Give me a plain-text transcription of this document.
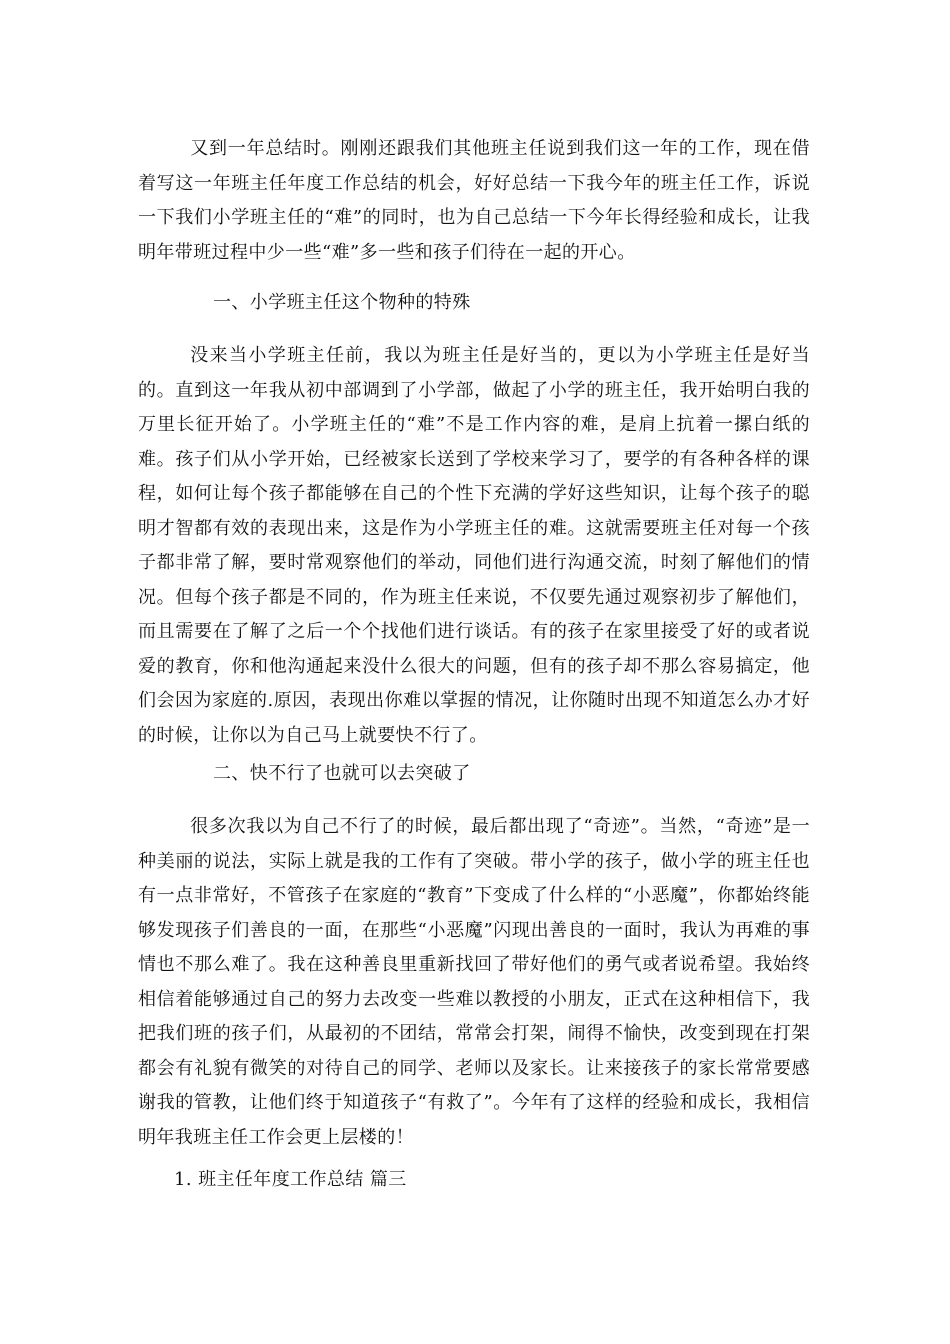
又到一年总结时。刚刚还跟我们其他班主任说到我们这一年的工作，现在借着写这一年班主任年度工作总结的机会，好好总结一下我今年的班主任工作，诉说一下我们小学班主任的“难”的同时，也为自己总结一下今年长得经验和成长，让我明年带班过程中少一些“难”多一些和孩子们待在一起的开心。

一、小学班主任这个物种的特殊

没来当小学班主任前，我以为班主任是好当的，更以为小学班主任是好当的。直到这一年我从初中部调到了小学部，做起了小学的班主任，我开始明白我的万里长征开始了。小学班主任的“难”不是工作内容的难，是肩上抗着一摞白纸的难。孩子们从小学开始，已经被家长送到了学校来学习了，要学的有各种各样的课程，如何让每个孩子都能够在自己的个性下充满的学好这些知识，让每个孩子的聪明才智都有效的表现出来，这是作为小学班主任的难。这就需要班主任对每一个孩子都非常了解，要时常观察他们的举动，同他们进行沟通交流，时刻了解他们的情况。但每个孩子都是不同的，作为班主任来说，不仅要先通过观察初步了解他们，而且需要在了解了之后一个个找他们进行谈话。有的孩子在家里接受了好的或者说爱的教育，你和他沟通起来没什么很大的问题，但有的孩子却不那么容易搞定，他们会因为家庭的.原因，表现出你难以掌握的情况，让你随时出现不知道怎么办才好的时候，让你以为自己马上就要快不行了。

二、快不行了也就可以去突破了

很多次我以为自己不行了的时候，最后都出现了“奇迹”。当然，“奇迹”是一种美丽的说法，实际上就是我的工作有了突破。带小学的孩子，做小学的班主任也有一点非常好，不管孩子在家庭的“教育”下变成了什么样的“小恶魔”，你都始终能够发现孩子们善良的一面，在那些“小恶魔”闪现出善良的一面时，我认为再难的事情也不那么难了。我在这种善良里重新找回了带好他们的勇气或者说希望。我始终相信着能够通过自己的努力去改变一些难以教授的小朋友，正式在这种相信下，我把我们班的孩子们，从最初的不团结，常常会打架，闹得不愉快，改变到现在打架都会有礼貌有微笑的对待自己的同学、老师以及家长。让来接孩子的家长常常要感谢我的管教，让他们终于知道孩子“有救了”。今年有了这样的经验和成长，我相信明年我班主任工作会更上层楼的！

1. 班主任年度工作总结 篇三
